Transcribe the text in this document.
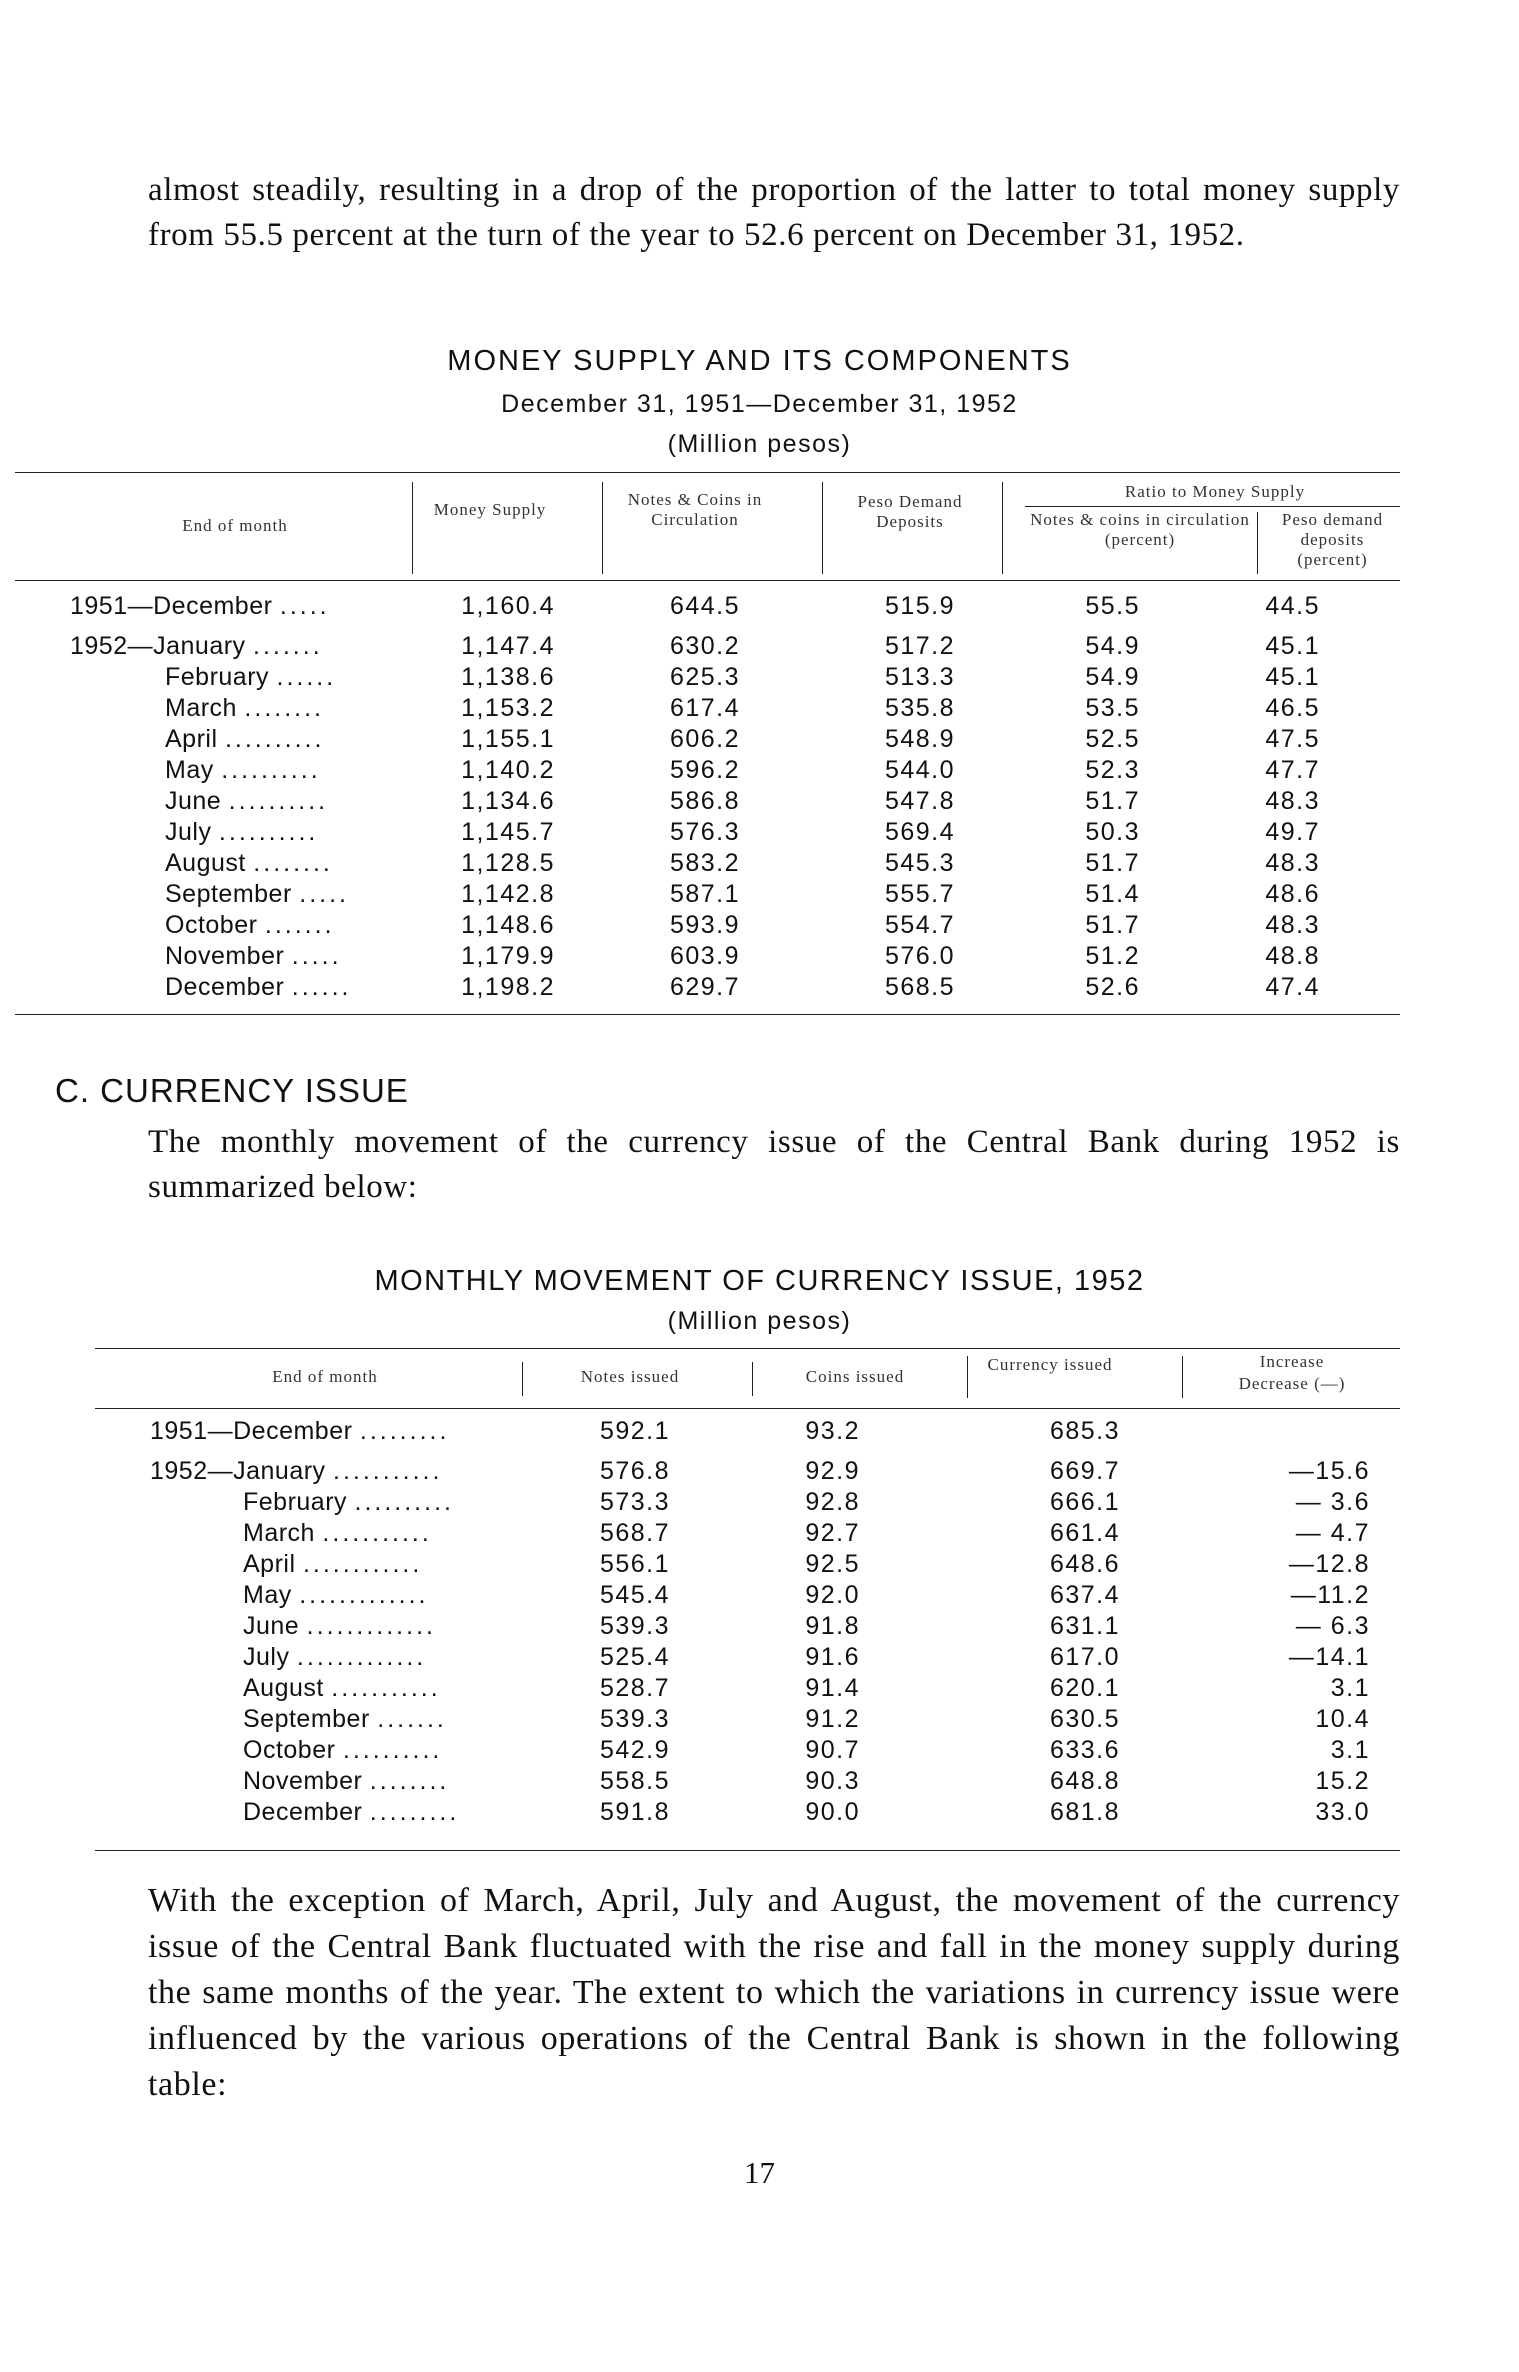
almost steadily, resulting in a drop of the proportion of the latter to total money supply from 55.5 percent at the turn of the year to 52.6 percent on December 31, 1952.

MONEY SUPPLY AND ITS COMPONENTS
December 31, 1951—December 31, 1952
(Million pesos)
End of month
Money Supply
Notes & Coins in Circulation
Peso Demand Deposits
Ratio to Money Supply
Notes & coins in circulation (percent)
Peso demand deposits (percent)
1951—December .....	1,160.4	644.5	515.9	55.5	44.5
1952—January .......	1,147.4	630.2	517.2	54.9	45.1
February ......	1,138.6	625.3	513.3	54.9	45.1
March ........	1,153.2	617.4	535.8	53.5	46.5
April ..........	1,155.1	606.2	548.9	52.5	47.5
May ..........	1,140.2	596.2	544.0	52.3	47.7
June ..........	1,134.6	586.8	547.8	51.7	48.3
July ..........	1,145.7	576.3	569.4	50.3	49.7
August ........	1,128.5	583.2	545.3	51.7	48.3
September .....	1,142.8	587.1	555.7	51.4	48.6
October .......	1,148.6	593.9	554.7	51.7	48.3
November .....	1,179.9	603.9	576.0	51.2	48.8
December ......	1,198.2	629.7	568.5	52.6	47.4
C. CURRENCY ISSUE

The monthly movement of the currency issue of the Central Bank during 1952 is summarized below:

MONTHLY MOVEMENT OF CURRENCY ISSUE, 1952
(Million pesos)
End of month	Notes issued	Coins issued
Currency issued	Increase
Decrease (—)
1951—December .........	592.1	93.2	685.3
1952—January ...........	576.8	92.9	669.7	—15.6
February ..........	573.3	92.8	666.1	— 3.6
March ...........	568.7	92.7	661.4	— 4.7
April ............	556.1	92.5	648.6	—12.8
May .............	545.4	92.0	637.4	—11.2
June .............	539.3	91.8	631.1	— 6.3
July .............	525.4	91.6	617.0	—14.1
August ...........	528.7	91.4	620.1	3.1
September .......	539.3	91.2	630.5	10.4
October ..........	542.9	90.7	633.6	3.1
November ........	558.5	90.3	648.8	15.2
December .........	591.8	90.0	681.8	33.0

With the exception of March, April, July and August, the movement of the currency issue of the Central Bank fluctuated with the rise and fall in the money supply during the same months of the year. The extent to which the variations in currency issue were influenced by the various operations of the Central Bank is shown in the following table:

17
